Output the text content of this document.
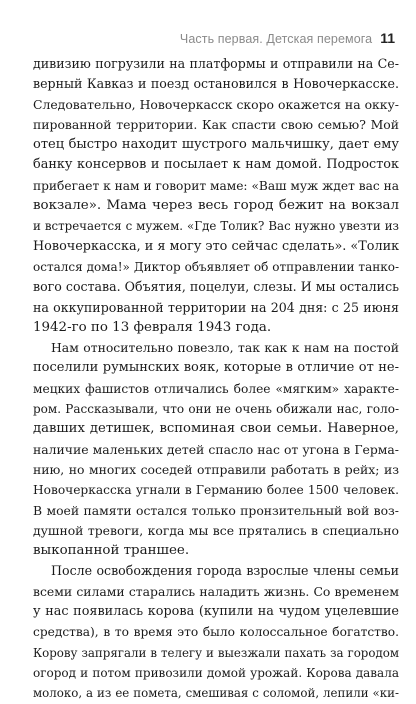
Часть первая. Детская перемога 11
дивизию погрузили на платформы и отправили на Се-
верный Кавказ и поезд остановился в Новочеркасске.
Следовательно, Новочеркасск скоро окажется на окку-
пированной территории. Как спасти свою семью? Мой
отец быстро находит шустрого мальчишку, дает ему
банку консервов и посылает к нам домой. Подросток
прибегает к нам и говорит маме: «Ваш муж ждет вас на
вокзале». Мама через весь город бежит на вокзал
и встречается с мужем. «Где Толик? Вас нужно увезти из
Новочеркасска, и я могу это сейчас сделать». «Толик
остался дома!» Диктор объявляет об отправлении танко-
вого состава. Объятия, поцелуи, слезы. И мы остались
на оккупированной территории на 204 дня: с 25 июня
1942-го по 13 февраля 1943 года.
Нам относительно повезло, так как к нам на постой
поселили румынских вояк, которые в отличие от не-
мецких фашистов отличались более «мягким» характе-
ром. Рассказывали, что они не очень обижали нас, голо-
давших детишек, вспоминая свои семьи. Наверное,
наличие маленьких детей спасло нас от угона в Герма-
нию, но многих соседей отправили работать в рейх; из
Новочеркасска угнали в Германию более 1500 человек.
В моей памяти остался только пронзительный вой воз-
душной тревоги, когда мы все прятались в специально
выкопанной траншее.
После освобождения города взрослые члены семьи
всеми силами старались наладить жизнь. Со временем
у нас появилась корова (купили на чудом уцелевшие
средства), в то время это было колоссальное богатство.
Корову запрягали в телегу и выезжали пахать за городом
огород и потом привозили домой урожай. Корова давала
молоко, а из ее помета, смешивая с соломой, лепили «ки-
